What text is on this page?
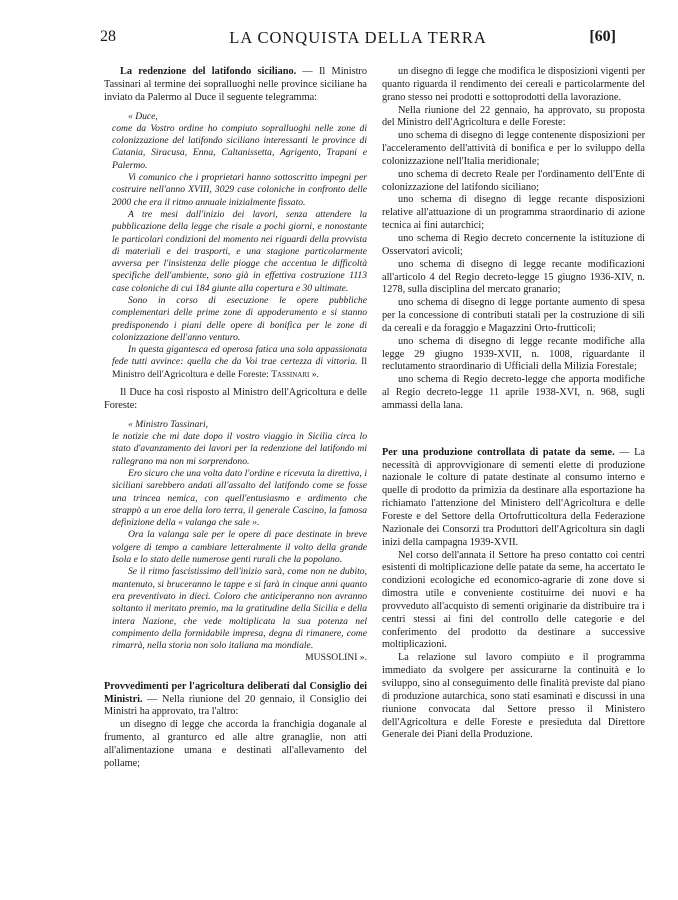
28	LA CONQUISTA DELLA TERRA	[60]

La redenzione del latifondo siciliano. — Il Ministro Tassinari al termine dei sopralluoghi nelle province siciliane ha inviato da Palermo al Duce il seguente telegramma:

« Duce,

come da Vostro ordine ho compiuto sopralluoghi nelle zone di colonizzazione del latifondo siciliano interessanti le province di Catania, Siracusa, Enna, Caltanissetta, Agrigento, Trapani e Palermo.

Vi comunico che i proprietari hanno sottoscritto impegni per costruire nell'anno XVIII, 3029 case coloniche in confronto delle 2000 che era il ritmo annuale inizialmente fissato.

A tre mesi dall'inizio dei lavori, senza attendere la pubblicazione della legge che risale a pochi giorni, e nonostante le particolari condizioni del momento nei riguardi della provvista di materiali e dei trasporti, e una stagione particolarmente avversa per l'insistenza delle piogge che accentua le difficoltà specifiche dell'ambiente, sono già in effettiva costruzione 1113 case coloniche di cui 184 giunte alla copertura e 30 ultimate.

Sono in corso di esecuzione le opere pubbliche complementari delle prime zone di appoderamento e si stanno predisponendo i piani delle opere di bonifica per le zone di colonizzazione dell'anno venturo.

In questa gigantesca ed operosa fatica una sola appassionata fede tutti avvince: quella che da Voi trae certezza di vittoria. Il Ministro dell'Agricoltura e delle Foreste: Tassinari ».

Il Duce ha così risposto al Ministro dell'Agricoltura e delle Foreste:

« Ministro Tassinari,

le notizie che mi date dopo il vostro viaggio in Sicilia circa lo stato d'avanzamento dei lavori per la redenzione del latifondo mi rallegrano ma non mi sorprendono.

Ero sicuro che una volta dato l'ordine e ricevuta la direttiva, i siciliani sarebbero andati all'assalto del latifondo come se fosse una trincea nemica, con quell'entusiasmo e ardimento che strappò a un eroe della loro terra, il generale Cascino, la famosa definizione della « valanga che sale ».

Ora la valanga sale per le opere di pace destinate in breve volgere di tempo a cambiare letteralmente il volto della grande Isola e lo stato delle numerose genti rurali che la popolano.

Se il ritmo fascistissimo dell'inizio sarà, come non ne dubito, mantenuto, si bruceranno le tappe e si farà in cinque anni quanto era preventivato in dieci. Coloro che anticiperanno non avranno soltanto il meritato premio, ma la gratitudine della Sicilia e della intera Nazione, che vede moltiplicata la sua potenza nel compimento della formidabile impresa, degna di rimanere, come rimarrà, nella storia non solo italiana ma mondiale.

MUSSOLINI ».

Provvedimenti per l'agricoltura deliberati dal Consiglio dei Ministri. — Nella riunione del 20 gennaio, il Consiglio dei Ministri ha approvato, tra l'altro:

un disegno di legge che accorda la franchigia doganale al frumento, al granturco ed alle altre granaglie, non atti all'alimentazione umana e destinati all'allevamento del pollame;

un disegno di legge che modifica le disposizioni vigenti per quanto riguarda il rendimento dei cereali e particolarmente del grano stesso nei prodotti e sottoprodotti della lavorazione.

Nella riunione del 22 gennaio, ha approvato, su proposta del Ministro dell'Agricoltura e delle Foreste:

uno schema di disegno di legge contenente disposizioni per l'acceleramento dell'attività di bonifica e per lo sviluppo della colonizzazione nell'Italia meridionale;

uno schema di decreto Reale per l'ordinamento dell'Ente di colonizzazione del latifondo siciliano;

uno schema di disegno di legge recante disposizioni relative all'attuazione di un programma straordinario di azione tecnica ai fini autarchici;

uno schema di Regio decreto concernente la istituzione di Osservatori avicoli;

uno schema di disegno di legge recante modificazioni all'articolo 4 del Regio decreto-legge 15 giugno 1936-XIV, n. 1278, sulla disciplina del mercato granario;

uno schema di disegno di legge portante aumento di spesa per la concessione di contributi statali per la costruzione di silì da cereali e da foraggio e Magazzini Orto-frutticoli;

uno schema di disegno di legge recante modifiche alla legge 29 giugno 1939-XVII, n. 1008, riguardante il reclutamento straordinario di Ufficiali della Milizia Forestale;

uno schema di Regio decreto-legge che apporta modifiche al Regio decreto-legge 11 aprile 1938-XVI, n. 968, sugli ammassi della lana.

Per una produzione controllata di patate da seme. — La necessità di approvvigionare di sementi elette di produzione nazionale le colture di patate destinate al consumo interno e quelle di prodotto da primizia da destinare alla esportazione ha richiamato l'attenzione del Ministero dell'Agricoltura e delle Foreste e del Settore della Ortofrutticoltura della Federazione Nazionale dei Consorzi tra Produttori dell'Agricoltura sin dagli inizi della campagna 1939-XVII.

Nel corso dell'annata il Settore ha preso contatto coi centri esistenti di moltiplicazione delle patate da seme, ha accertato le condizioni ecologiche ed economico-agrarie di zone dove si dimostra utile e conveniente costituirne dei nuovi e ha provveduto all'acquisto di sementi originarie da distribuire tra i centri stessi ai fini del controllo delle categorie e del conferimento del prodotto da destinare a successive moltiplicazioni.

La relazione sul lavoro compiuto e il programma immediato da svolgere per assicurarne la continuità e lo sviluppo, sino al conseguimento delle finalità previste dal piano di produzione autarchica, sono stati esaminati e discussi in una riunione convocata dal Settore presso il Ministero dell'Agricoltura e delle Foreste e presieduta dal Direttore Generale dei Piani della Produzione.
